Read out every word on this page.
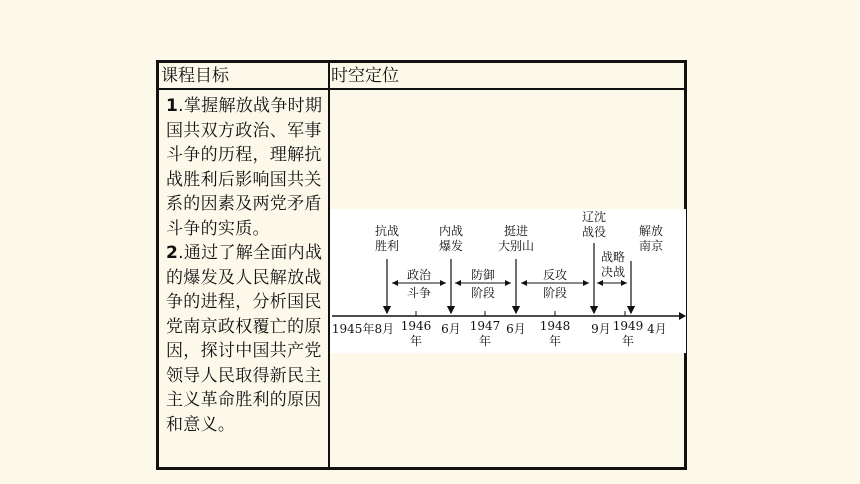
课程目标	时空定位
1.掌握解放战争时期国共双方政治、军事斗争的历程，理解抗战胜利后影响国共关系的因素及两党矛盾斗争的实质。
2.通过了解全面内战的爆发及人民解放战争的进程，分析国民党南京政权覆亡的原因，探讨中国共产党领导人民取得新民主主义革命胜利的原因和意义。
抗战
胜利
内战
爆发
挺进
大别山
辽沈
战役	解放
南京
政治
斗争
防御
阶段
反攻
阶段
战略
决战
1945年8月 1946
年
6月 1947
年
6月 1948
年
9月 1949
年
4月
